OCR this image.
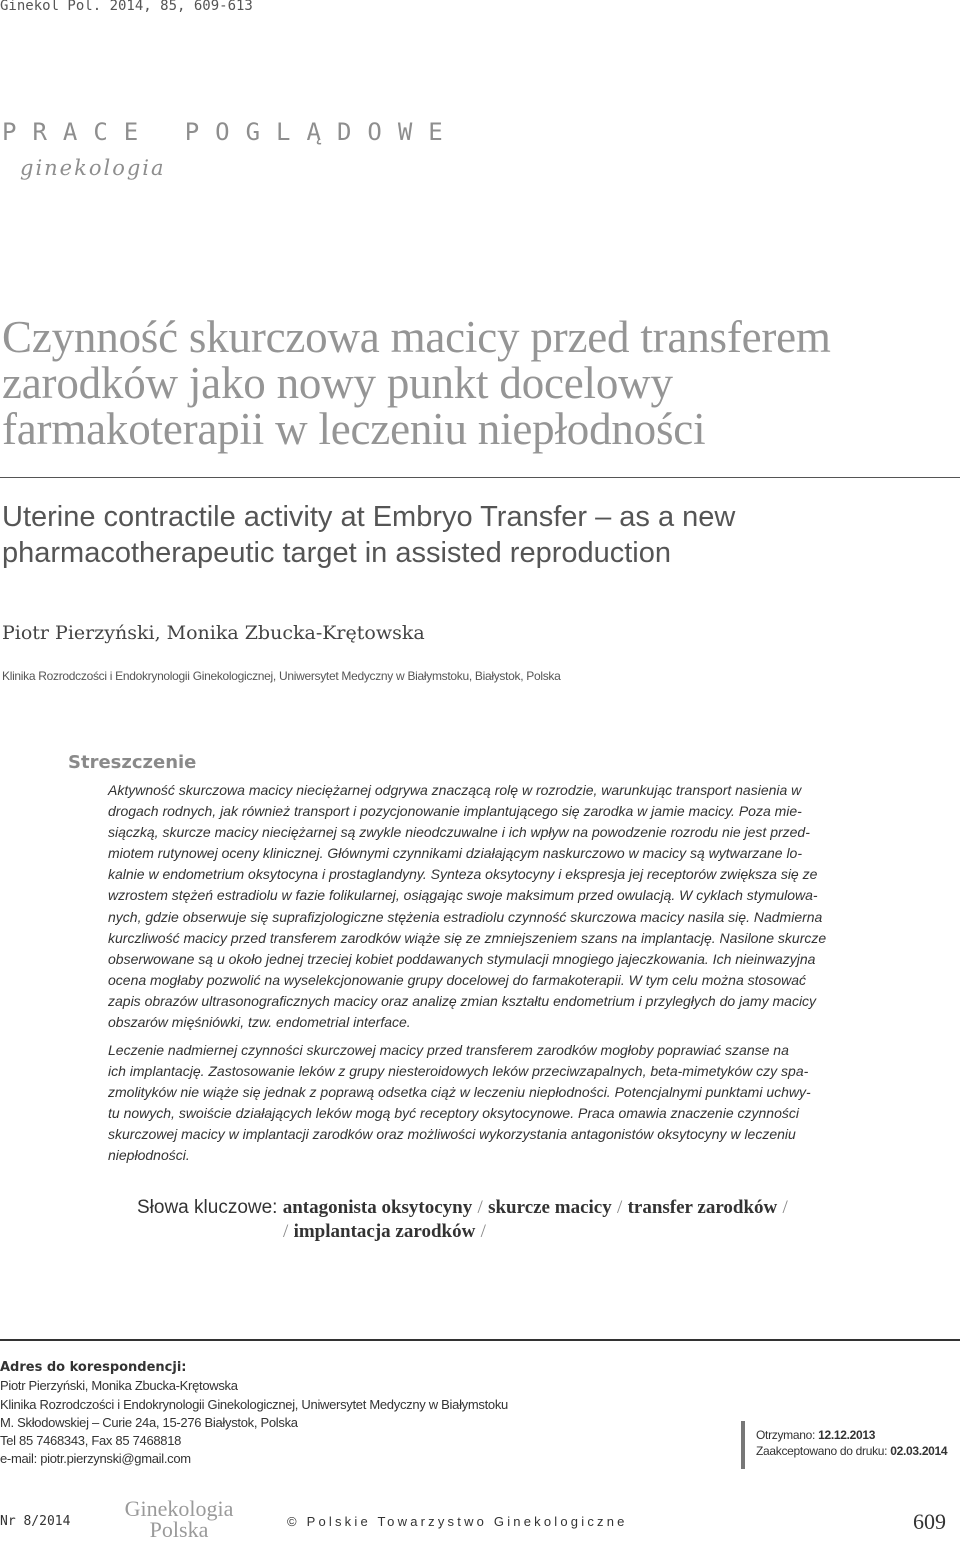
Ginekol Pol. 2014, 85, 609-613
PRACE POGLĄDOWE
ginekologia
Czynność skurczowa macicy przed transferem
zarodków jako nowy punkt docelowy
farmakoterapii w leczeniu niepłodności
Uterine contractile activity at Embryo Transfer – as a new
pharmacotherapeutic target in assisted reproduction
Piotr Pierzyński, Monika Zbucka-Krętowska
Klinika Rozrodczości i Endokrynologii Ginekologicznej, Uniwersytet Medyczny w Białymstoku, Białystok, Polska
Streszczenie
Aktywność skurczowa macicy nieciężarnej odgrywa znaczącą rolę w rozrodzie, warunkując transport nasienia w
drogach rodnych, jak również transport i pozycjonowanie implantującego się zarodka w jamie macicy. Poza mie-
siączką, skurcze macicy nieciężarnej są zwykle nieodczuwalne i ich wpływ na powodzenie rozrodu nie jest przed-
miotem rutynowej oceny klinicznej. Głównymi czynnikami działającym naskurczowo w macicy są wytwarzane lo-
kalnie w endometrium oksytocyna i prostaglandyny. Synteza oksytocyny i ekspresja jej receptorów zwiększa się ze
wzrostem stężeń estradiolu w fazie folikularnej, osiągając swoje maksimum przed owulacją. W cyklach stymulowa-
nych, gdzie obserwuje się suprafizjologiczne stężenia estradiolu czynność skurczowa macicy nasila się. Nadmierna
kurczliwość macicy przed transferem zarodków wiąże się ze zmniejszeniem szans na implantację. Nasilone skurcze
obserwowane są u około jednej trzeciej kobiet poddawanych stymulacji mnogiego jajeczkowania. Ich nieinwazyjna
ocena mogłaby pozwolić na wyselekcjonowanie grupy docelowej do farmakoterapii. W tym celu można stosować
zapis obrazów ultrasonograficznych macicy oraz analizę zmian kształtu endometrium i przyległych do jamy macicy
obszarów mięśniówki, tzw. endometrial interface.
Leczenie nadmiernej czynności skurczowej macicy przed transferem zarodków mogłoby poprawiać szanse na
ich implantację. Zastosowanie leków z grupy niesteroidowych leków przeciwzapalnych, beta-mimetyków czy spa-
zmolityków nie wiąże się jednak z poprawą odsetka ciąż w leczeniu niepłodności. Potencjalnymi punktami uchwy-
tu nowych, swoiście działających leków mogą być receptory oksytocynowe. Praca omawia znaczenie czynności
skurczowej macicy w implantacji zarodków oraz możliwości wykorzystania antagonistów oksytocyny w leczeniu
niepłodności.
Słowa kluczowe: antagonista oksytocyny / skurcze macicy / transfer zarodków /
/ implantacja zarodków /
Adres do korespondencji:
Piotr Pierzyński, Monika Zbucka-Krętowska
Klinika Rozrodczości i Endokrynologii Ginekologicznej, Uniwersytet Medyczny w Białymstoku
M. Skłodowskiej – Curie 24a, 15-276 Białystok, Polska
Tel 85 7468343, Fax 85 7468818
e-mail: piotr.pierzynski@gmail.com
Otrzymano: 12.12.2013
Zaakceptowano do druku: 02.03.2014
Nr 8/2014
Ginekologia
Polska	© Polskie Towarzystwo Ginekologiczne	609
